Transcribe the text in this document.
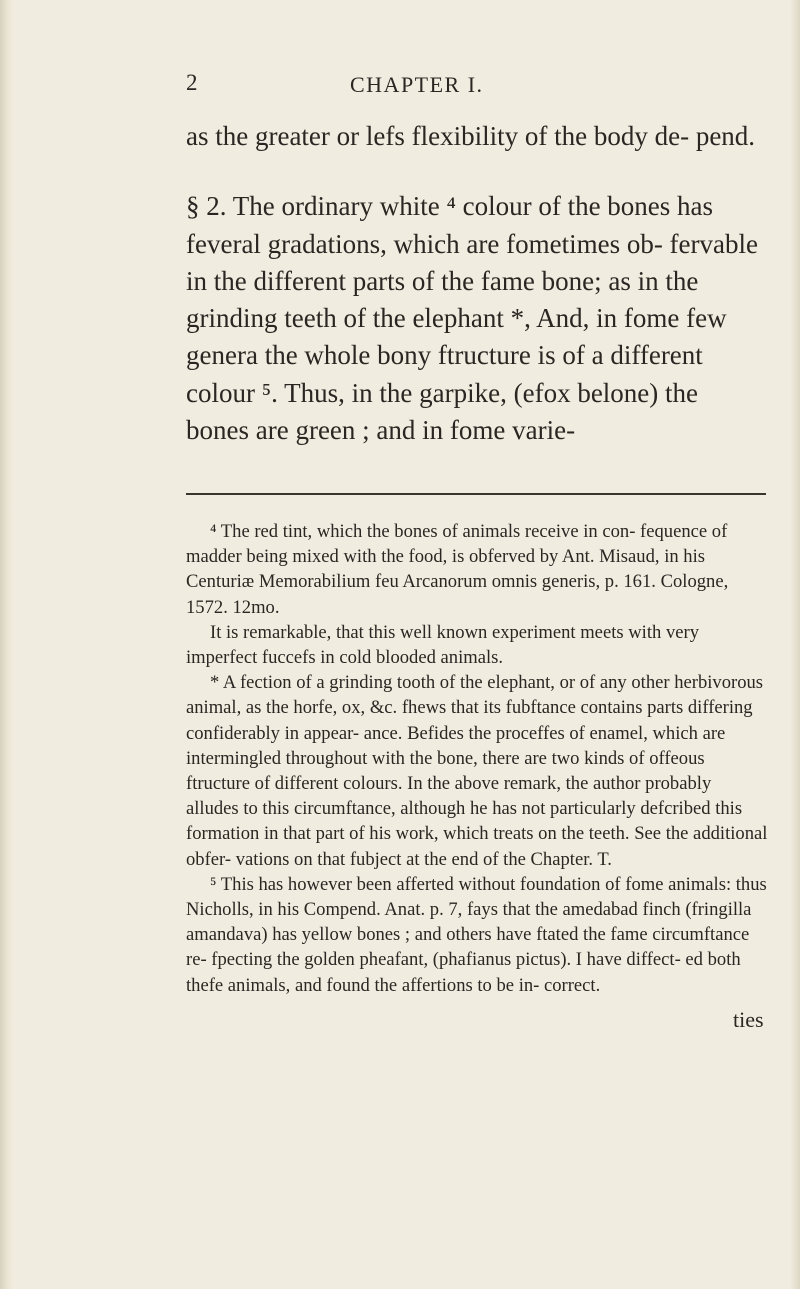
2	CHAPTER I.

as the greater or lefs flexibility of the body de- pend.

§ 2. The ordinary white ⁴ colour of the bones has feveral gradations, which are fometimes ob- fervable in the different parts of the fame bone; as in the grinding teeth of the elephant *, And, in fome few genera the whole bony ftructure is of a different colour ⁵. Thus, in the garpike, (efox belone) the bones are green ; and in fome varie-

⁴ The red tint, which the bones of animals receive in con- fequence of madder being mixed with the food, is obferved by Ant. Misaud, in his Centuriæ Memorabilium feu Arcanorum omnis generis, p. 161. Cologne, 1572. 12mo.

It is remarkable, that this well known experiment meets with very imperfect fuccefs in cold blooded animals.

* A fection of a grinding tooth of the elephant, or of any other herbivorous animal, as the horfe, ox, &c. fhews that its fubftance contains parts differing confiderably in appear- ance. Befides the proceffes of enamel, which are intermingled throughout with the bone, there are two kinds of offeous ftructure of different colours. In the above remark, the author probably alludes to this circumftance, although he has not particularly defcribed this formation in that part of his work, which treats on the teeth. See the additional obfer- vations on that fubject at the end of the Chapter. T.

⁵ This has however been afferted without foundation of fome animals: thus Nicholls, in his Compend. Anat. p. 7, fays that the amedabad finch (fringilla amandava) has yellow bones ; and others have ftated the fame circumftance re- fpecting the golden pheafant, (phafianus pictus). I have diffect- ed both thefe animals, and found the affertions to be in- correct.

ties
